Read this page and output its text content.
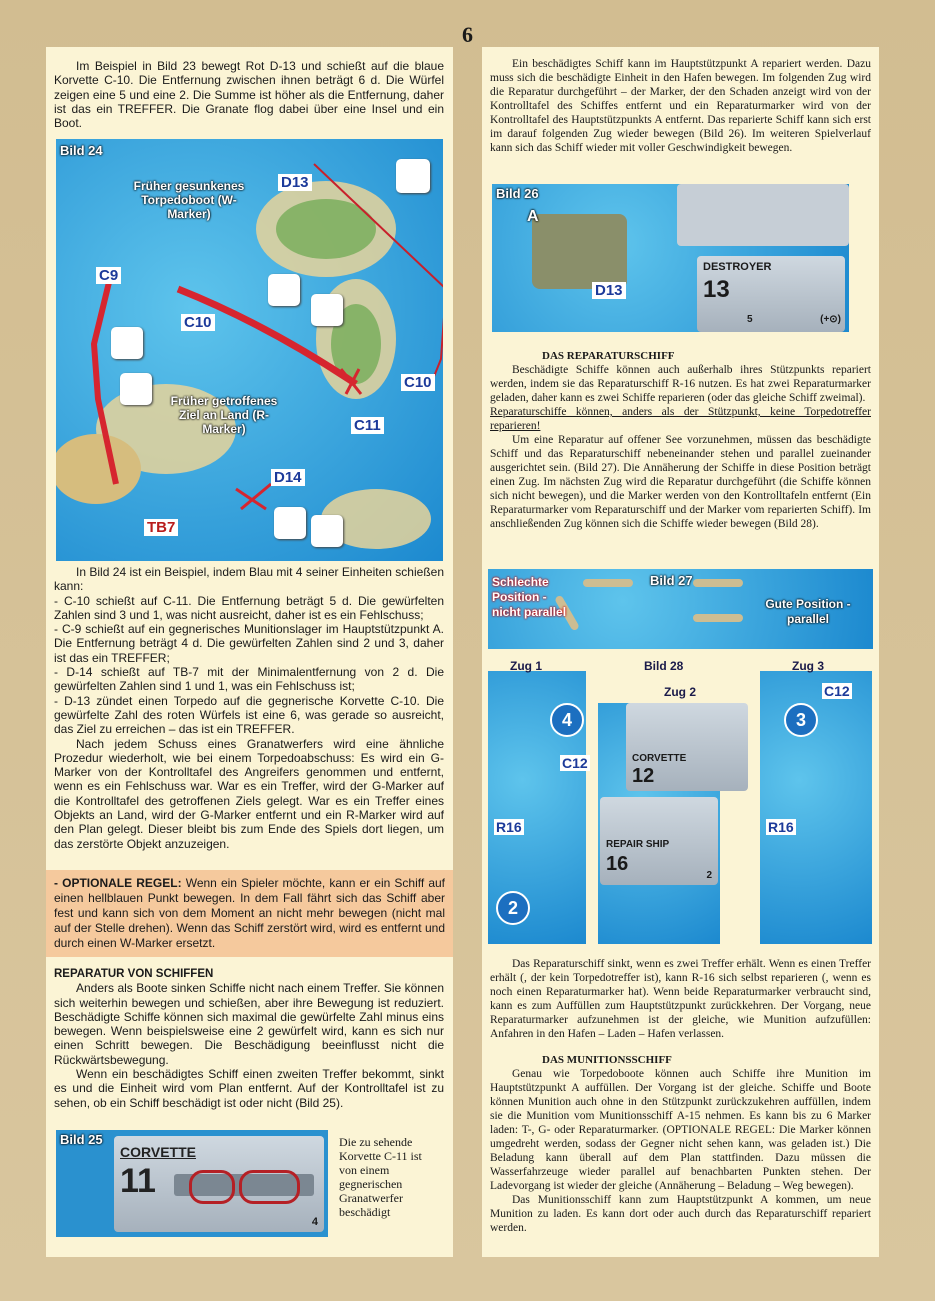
6
Im Beispiel in Bild 23 bewegt Rot D-13 und schießt auf die blaue Korvette C-10. Die Entfernung zwischen ihnen beträgt 6 d. Die Würfel zeigen eine 5 und eine 2. Die Summe ist höher als die Entfernung, daher ist das ein TREFFER. Die Granate flog dabei über eine Insel und ein Boot.
Bild 24
Früher gesunkenes Torpedoboot (W-Marker)
Früher getroffenes Ziel an Land (R-Marker)
D13
C9
C10
C10
C11
D14
TB7

In Bild 24 ist ein Beispiel, indem Blau mit 4 seiner Einheiten schießen kann:

- C-10 schießt auf C-11. Die Entfernung beträgt 5 d. Die gewürfelten Zahlen sind 3 und 1, was nicht ausreicht, daher ist es ein Fehlschuss;

- C-9 schießt auf ein gegnerisches Munitionslager im Hauptstützpunkt A. Die Entfernung beträgt 4 d. Die gewürfelten Zahlen sind 2 und 3, daher ist das ein TREFFER;

- D-14 schießt auf TB-7 mit der Minimalentfernung von 2 d. Die gewürfelten Zahlen sind 1 und 1, was ein Fehlschuss ist;

- D-13 zündet einen Torpedo auf die gegnerische Korvette C-10. Die gewürfelte Zahl des roten Würfels ist eine 6, was gerade so ausreicht, das Ziel zu erreichen – das ist ein TREFFER.

Nach jedem Schuss eines Granatwerfers wird eine ähnliche Prozedur wiederholt, wie bei einem Torpedoabschuss: Es wird ein G-Marker von der Kontrolltafel des Angreifers genommen und entfernt, wenn es ein Fehlschuss war. War es ein Treffer, wird der G-Marker auf die Kontrolltafel des getroffenen Ziels gelegt. War es ein Treffer eines Objekts an Land, wird der G-Marker entfernt und ein R-Marker wird auf den Plan gelegt. Dieser bleibt bis zum Ende des Spiels dort liegen, um das zerstörte Objekt anzuzeigen.

- OPTIONALE REGEL: Wenn ein Spieler möchte, kann er ein Schiff auf einen hellblauen Punkt bewegen. In dem Fall fährt sich das Schiff aber fest und kann sich von dem Moment an nicht mehr bewegen (nicht mal auf der Stelle drehen). Wenn das Schiff zerstört wird, wird es entfernt und durch einen W-Marker ersetzt.

REPARATUR VON SCHIFFEN

Anders als Boote sinken Schiffe nicht nach einem Treffer. Sie können sich weiterhin bewegen und schießen, aber ihre Bewegung ist reduziert. Beschädigte Schiffe können sich maximal die gewürfelte Zahl minus eins bewegen. Wenn beispielsweise eine 2 gewürfelt wird, kann es sich nur einen Schritt bewegen. Die Beschädigung beeinflusst nicht die Rückwärtsbewegung.

Wenn ein beschädigtes Schiff einen zweiten Treffer bekommt, sinkt es und die Einheit wird vom Plan entfernt. Auf der Kontrolltafel ist zu sehen, ob ein Schiff beschädigt ist oder nicht (Bild 25).

Bild 25
CORVETTE
11
4
Die zu sehende Korvette C-11 ist von einem gegnerischen Granatwerfer beschädigt
Ein beschädigtes Schiff kann im Hauptstützpunkt A repariert werden. Dazu muss sich die beschädigte Einheit in den Hafen bewegen. Im folgenden Zug wird die Reparatur durchgeführt – der Marker, der den Schaden anzeigt wird von der Kontrolltafel des Schiffes entfernt und ein Reparaturmarker wird von der Kontrolltafel des Hauptstützpunkts A entfernt. Das reparierte Schiff kann sich erst im darauf folgenden Zug wieder bewegen (Bild 26). Im weiteren Spielverlauf kann sich das Schiff wieder mit voller Geschwindigkeit bewegen.
Bild 26
A
D13
DESTROYER
13
5	(+⊙)

DAS REPARATURSCHIFF

Beschädigte Schiffe können auch außerhalb ihres Stützpunkts repariert werden, indem sie das Reparaturschiff R-16 nutzen. Es hat zwei Reparaturmarker geladen, daher kann es zwei Schiffe reparieren (oder das gleiche Schiff zweimal).

Reparaturschiffe können, anders als der Stützpunkt, keine Torpedotreffer reparieren!

Um eine Reparatur auf offener See vorzunehmen, müssen das beschädigte Schiff und das Reparaturschiff nebeneinander stehen und parallel zueinander ausgerichtet sein. (Bild 27). Die Annäherung der Schiffe in diese Position beträgt einen Zug. Im nächsten Zug wird die Reparatur durchgeführt (die Schiffe können sich nicht bewegen), und die Marker werden von den Kontrolltafeln entfernt (Ein Reparaturmarker vom Reparaturschiff und der Marker vom reparierten Schiff). Im anschließenden Zug können sich die Schiffe wieder bewegen (Bild 28).

Bild 27
Schlechte Position - nicht parallel
Gute Position - parallel
CORVETTE
12
REPAIR SHIP
16
2
Zug 1	Bild 28
Zug 2
Zug 3
4
2
3
C12
R16
C12
R16

Das Reparaturschiff sinkt, wenn es zwei Treffer erhält. Wenn es einen Treffer erhält (, der kein Torpedotreffer ist), kann R-16 sich selbst reparieren (, wenn es noch einen Reparaturmarker hat). Wenn beide Reparaturmarker verbraucht sind, kann es zum Auffüllen zum Hauptstützpunkt zurückkehren. Der Vorgang, neue Reparaturmarker aufzunehmen ist der gleiche, wie Munition aufzufüllen: Anfahren in den Hafen – Laden – Hafen verlassen.

DAS MUNITIONSSCHIFF

Genau wie Torpedoboote können auch Schiffe ihre Munition im Hauptstützpunkt A auffüllen. Der Vorgang ist der gleiche. Schiffe und Boote können Munition auch ohne in den Stützpunkt zurückzukehren auffüllen, indem sie die Munition vom Munitionsschiff A-15 nehmen. Es kann bis zu 6 Marker laden: T-, G- oder Reparaturmarker. (OPTIONALE REGEL: Die Marker können umgedreht werden, sodass der Gegner nicht sehen kann, was geladen ist.) Die Beladung kann überall auf dem Plan stattfinden. Dazu müssen die Wasserfahrzeuge wieder parallel auf benachbarten Punkten stehen. Der Ladevorgang ist wieder der gleiche (Annäherung – Beladung – Weg bewegen).

Das Munitionsschiff kann zum Hauptstützpunkt A kommen, um neue Munition zu laden. Es kann dort oder auch durch das Reparaturschiff repariert werden.
